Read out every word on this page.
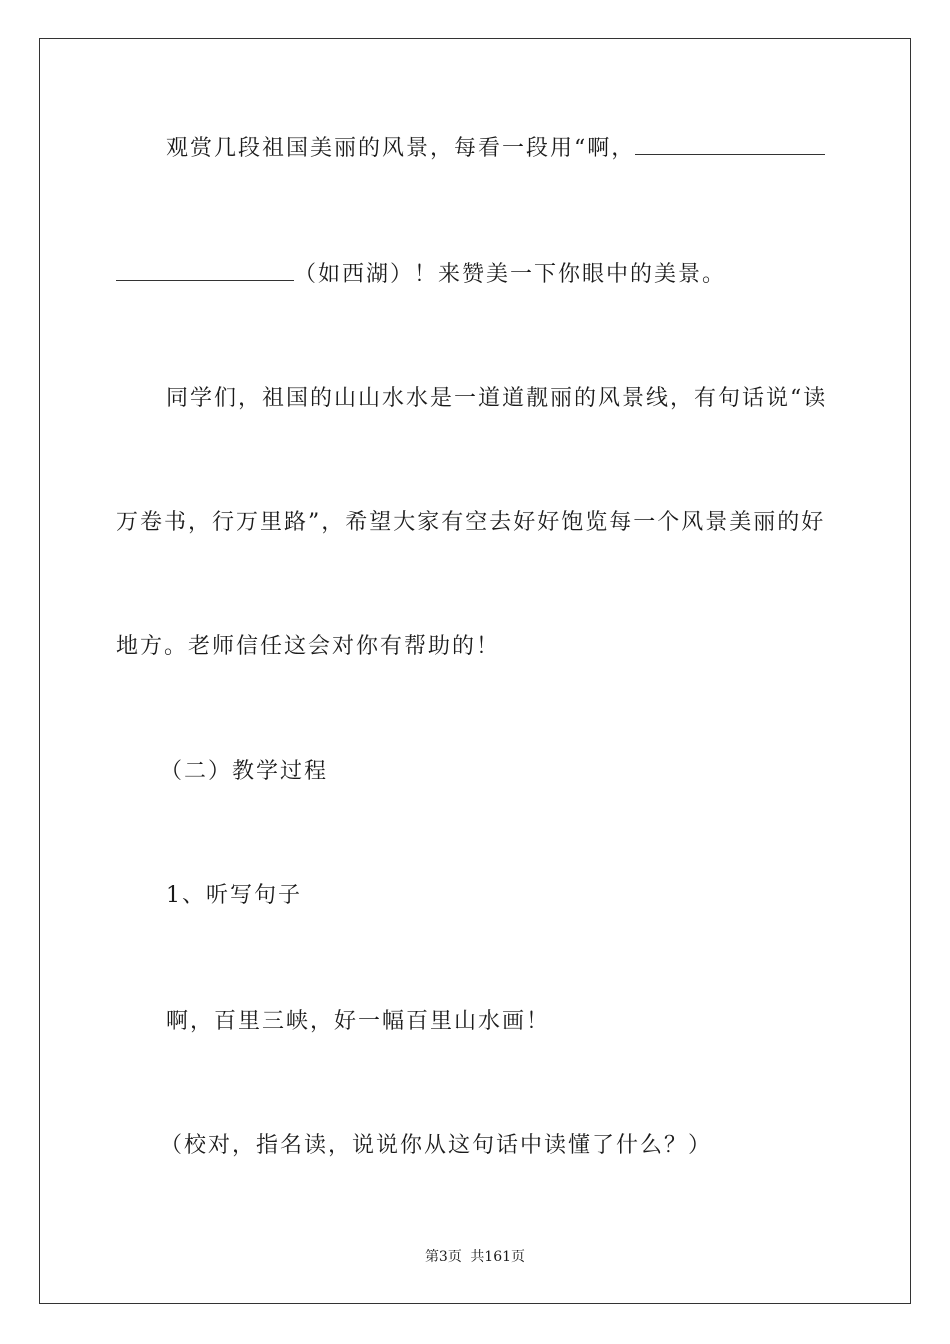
观赏几段祖国美丽的风景，每看一段用“啊，
（如西湖）！来赞美一下你眼中的美景。
同学们，祖国的山山水水是一道道靓丽的风景线，有句话说“读
万卷书，行万里路”，希望大家有空去好好饱览每一个风景美丽的好
地方。老师信任这会对你有帮助的！
（二）教学过程
1、听写句子
啊，百里三峡，好一幅百里山水画！
（校对，指名读，说说你从这句话中读懂了什么？）
第3页 共161页
